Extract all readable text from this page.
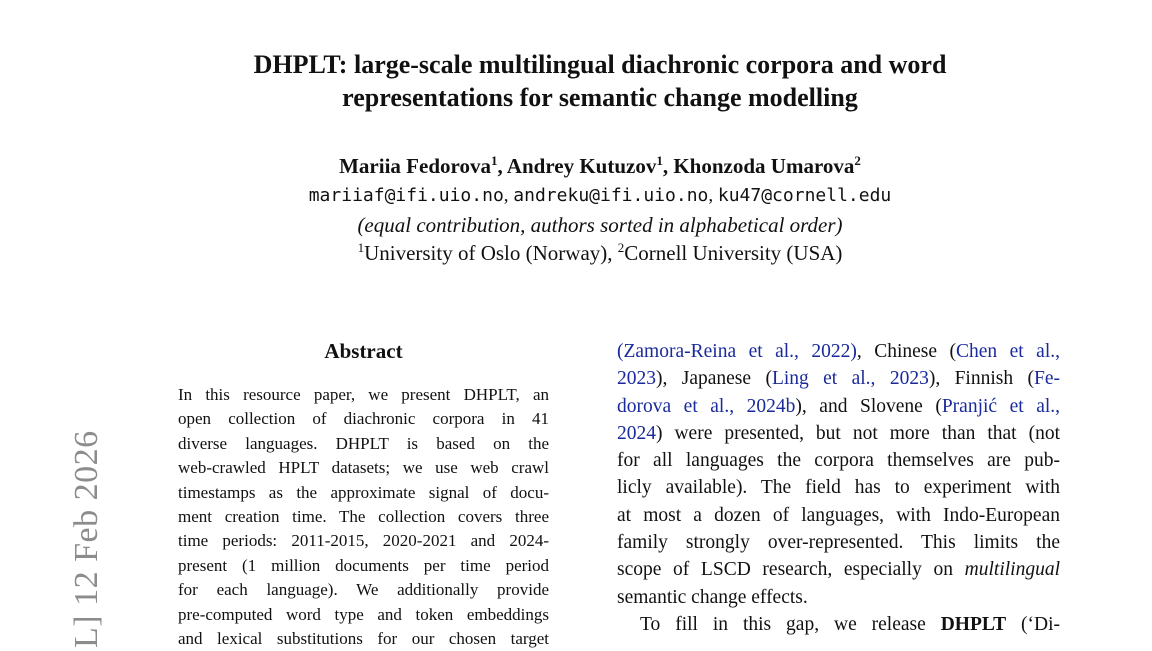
L] 12 Feb 2026
DHPLT: large-scale multilingual diachronic corpora and word
representations for semantic change modelling
Mariia Fedorova$^1$, Andrey Kutuzov$^1$, Khonzoda Umarova$^2$
mariiaf@ifi.uio.no, andreku@ifi.uio.no, ku47@cornell.edu
(equal contribution, authors sorted in alphabetical order)
$^1$University of Oslo (Norway), $^2$Cornell University (USA)
Abstract
In this resource paper, we present DHPLT, an
open collection of diachronic corpora in 41
diverse languages. DHPLT is based on the
web-crawled HPLT datasets; we use web crawl
timestamps as the approximate signal of docu-
ment creation time. The collection covers three
time periods: 2011-2015, 2020-2021 and 2024-
present (1 million documents per time period
for each language). We additionally provide
pre-computed word type and token embeddings
and lexical substitutions for our chosen target
(Zamora-Reina et al., 2022), Chinese (Chen et al.,
2023), Japanese (Ling et al., 2023), Finnish (Fe-
dorova et al., 2024b), and Slovene (Pranjić et al.,
2024) were presented, but not more than that (not
for all languages the corpora themselves are pub-
licly available). The field has to experiment with
at most a dozen of languages, with Indo-European
family strongly over-represented. This limits the
scope of LSCD research, especially on multilingual
semantic change effects.
To fill in this gap, we release DHPLT (‘Di-
